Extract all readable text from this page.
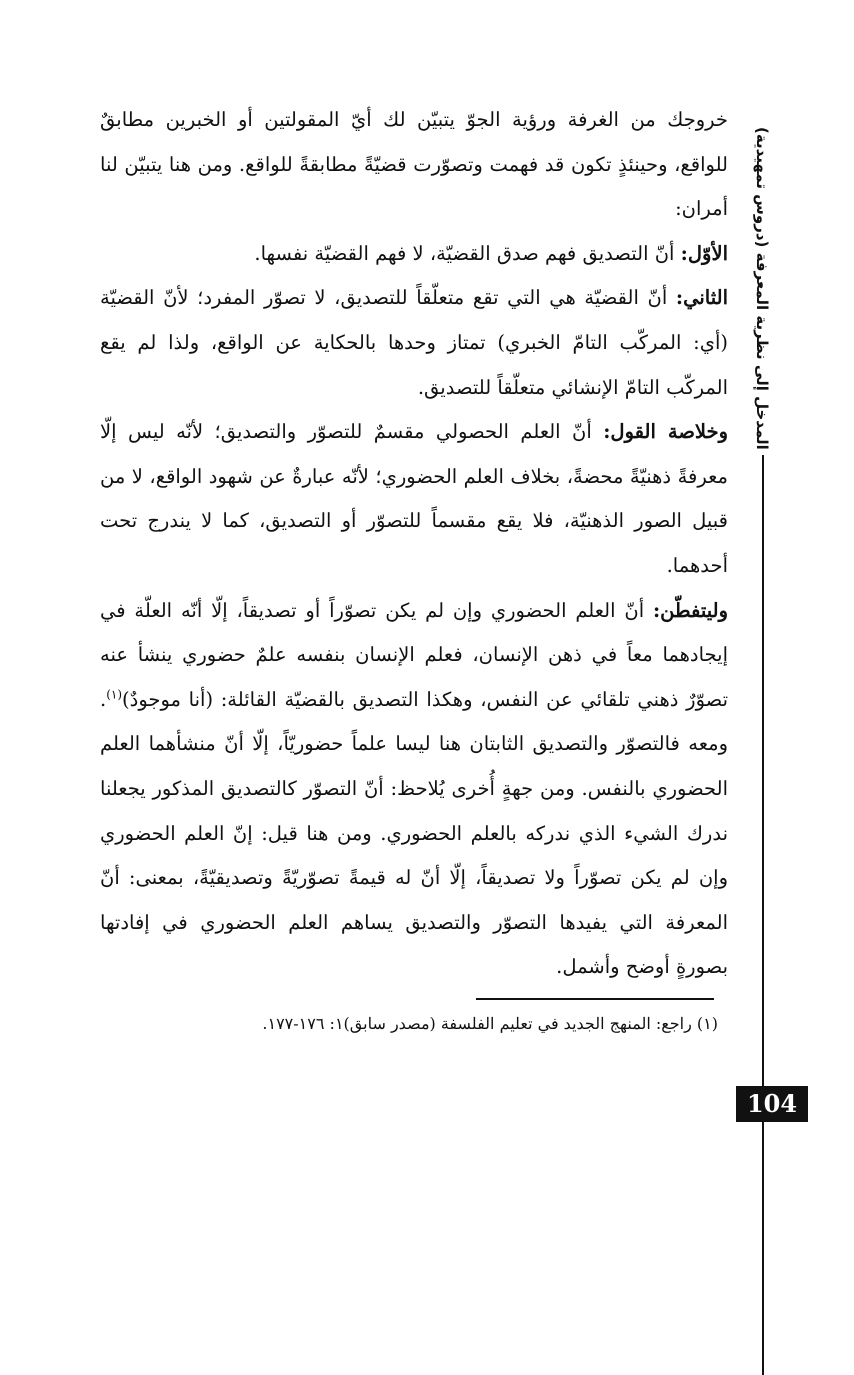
المدخل إلى نظرية المعرفة (دروس تمهيدية)

خروجك من الغرفة ورؤية الجوّ يتبيّن لك أيّ المقولتين أو الخبرين مطابقٌ للواقع، وحينئذٍ تكون قد فهمت وتصوّرت قضيّةً مطابقةً للواقع. ومن هنا يتبيّن لنا أمران:

الأوّل: أنّ التصديق فهم صدق القضيّة، لا فهم القضيّة نفسها.

الثاني: أنّ القضيّة هي التي تقع متعلّقاً للتصديق، لا تصوّر المفرد؛ لأنّ القضيّة (أي: المركّب التامّ الخبري) تمتاز وحدها بالحكاية عن الواقع، ولذا لم يقع المركّب التامّ الإنشائي متعلّقاً للتصديق.

وخلاصة القول: أنّ العلم الحصولي مقسمٌ للتصوّر والتصديق؛ لأنّه ليس إلّا معرفةً ذهنيّةً محضةً، بخلاف العلم الحضوري؛ لأنّه عبارةٌ عن شهود الواقع، لا من قبيل الصور الذهنيّة، فلا يقع مقسماً للتصوّر أو التصديق، كما لا يندرج تحت أحدهما.

وليتفطّن: أنّ العلم الحضوري وإن لم يكن تصوّراً أو تصديقاً، إلّا أنّه العلّة في إيجادهما معاً في ذهن الإنسان، فعلم الإنسان بنفسه علمٌ حضوري ينشأ عنه تصوّرٌ ذهني تلقائي عن النفس، وهكذا التصديق بالقضيّة القائلة: (أنا موجودٌ)$^{(١)}$. ومعه فالتصوّر والتصديق الثابتان هنا ليسا علماً حضوريّاً، إلّا أنّ منشأهما العلم الحضوري بالنفس. ومن جهةٍ أُخرى يُلاحظ: أنّ التصوّر كالتصديق المذكور يجعلنا ندرك الشيء الذي ندركه بالعلم الحضوري. ومن هنا قيل: إنّ العلم الحضوري وإن لم يكن تصوّراً ولا تصديقاً، إلّا أنّ له قيمةً تصوّريّةً وتصديقيّةً، بمعنى: أنّ المعرفة التي يفيدها التصوّر والتصديق يساهم العلم الحضوري في إفادتها بصورةٍ أوضح وأشمل.

(١) راجع: المنهج الجديد في تعليم الفلسفة (مصدر سابق)١: ١٧٦-١٧٧.
104
